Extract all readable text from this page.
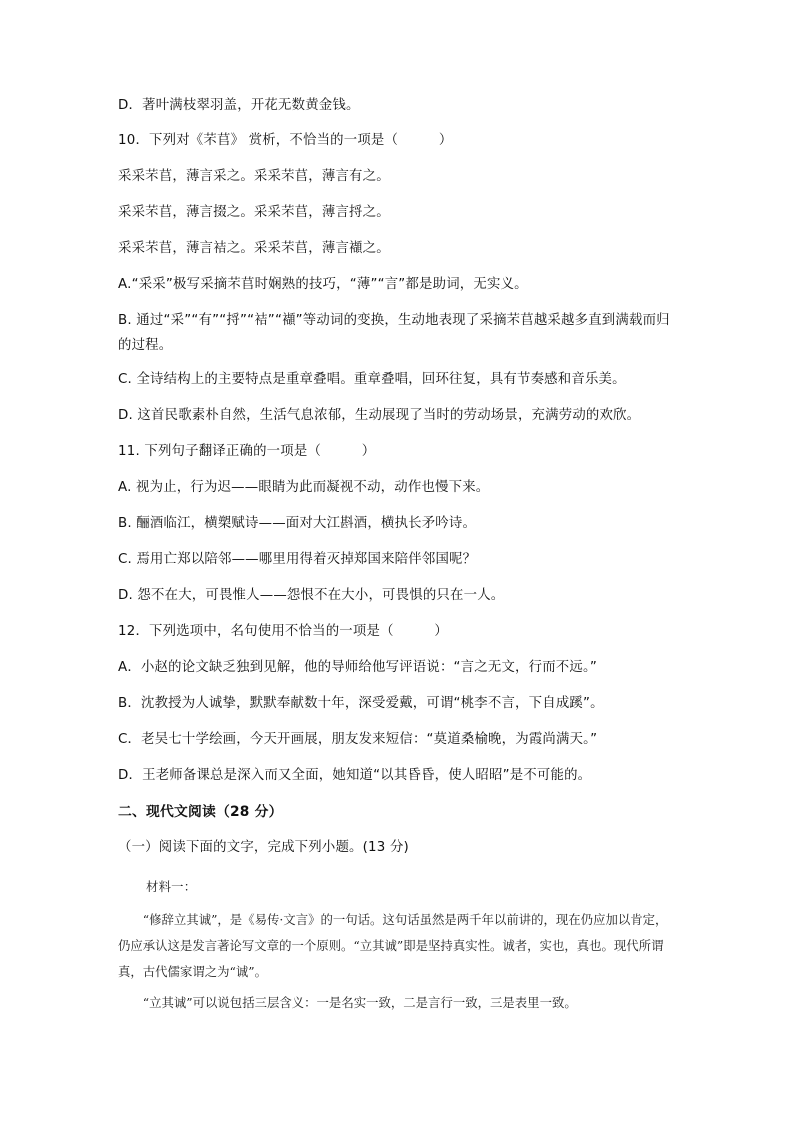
D．著叶满枝翠羽盖，开花无数黄金钱。
10．下列对《芣苢》 赏析，不恰当的一项是（　　　）
采采芣苢，薄言采之。采采芣苢，薄言有之。
采采芣苢，薄言掇之。采采芣苢，薄言捋之。
采采芣苢，薄言袺之。采采芣苢，薄言襭之。
A.“采采”极写采摘芣苢时娴熟的技巧，“薄”“言”都是助词，无实义。
B. 通过“采”“有”“捋”“袺”“襭”等动词的变换，生动地表现了采摘芣苢越采越多直到满载而归的过程。
C. 全诗结构上的主要特点是重章叠唱。重章叠唱，回环往复，具有节奏感和音乐美。
D. 这首民歌素朴自然，生活气息浓郁，生动展现了当时的劳动场景，充满劳动的欢欣。
11. 下列句子翻译正确的一项是（　　　）
A. 视为止，行为迟——眼睛为此而凝视不动，动作也慢下来。
B. 酾酒临江，横槊赋诗——面对大江斟酒，横执长矛吟诗。
C. 焉用亡郑以陪邻——哪里用得着灭掉郑国来陪伴邻国呢？
D. 怨不在大，可畏惟人——怨恨不在大小，可畏惧的只在一人。
12．下列选项中，名句使用不恰当的一项是（　　　）
A．小赵的论文缺乏独到见解，他的导师给他写评语说：“言之无文，行而不远。”
B．沈教授为人诚挚，默默奉献数十年，深受爱戴，可谓“桃李不言，下自成蹊”。
C．老吴七十学绘画，今天开画展，朋友发来短信：“莫道桑榆晚，为霞尚满天。”
D．王老师备课总是深入而又全面，她知道“以其昏昏，使人昭昭”是不可能的。
二、现代文阅读（28 分）
（一）阅读下面的文字，完成下列小题。(13 分)
材料一：
“修辞立其诚”，是《易传·文言》的一句话。这句话虽然是两千年以前讲的，现在仍应加以肯定，仍应承认这是发言著论写文章的一个原则。“立其诚”即是坚持真实性。诚者，实也，真也。现代所谓真，古代儒家谓之为“诚”。
“立其诚”可以说包括三层含义：一是名实一致，二是言行一致，三是表里一致。
